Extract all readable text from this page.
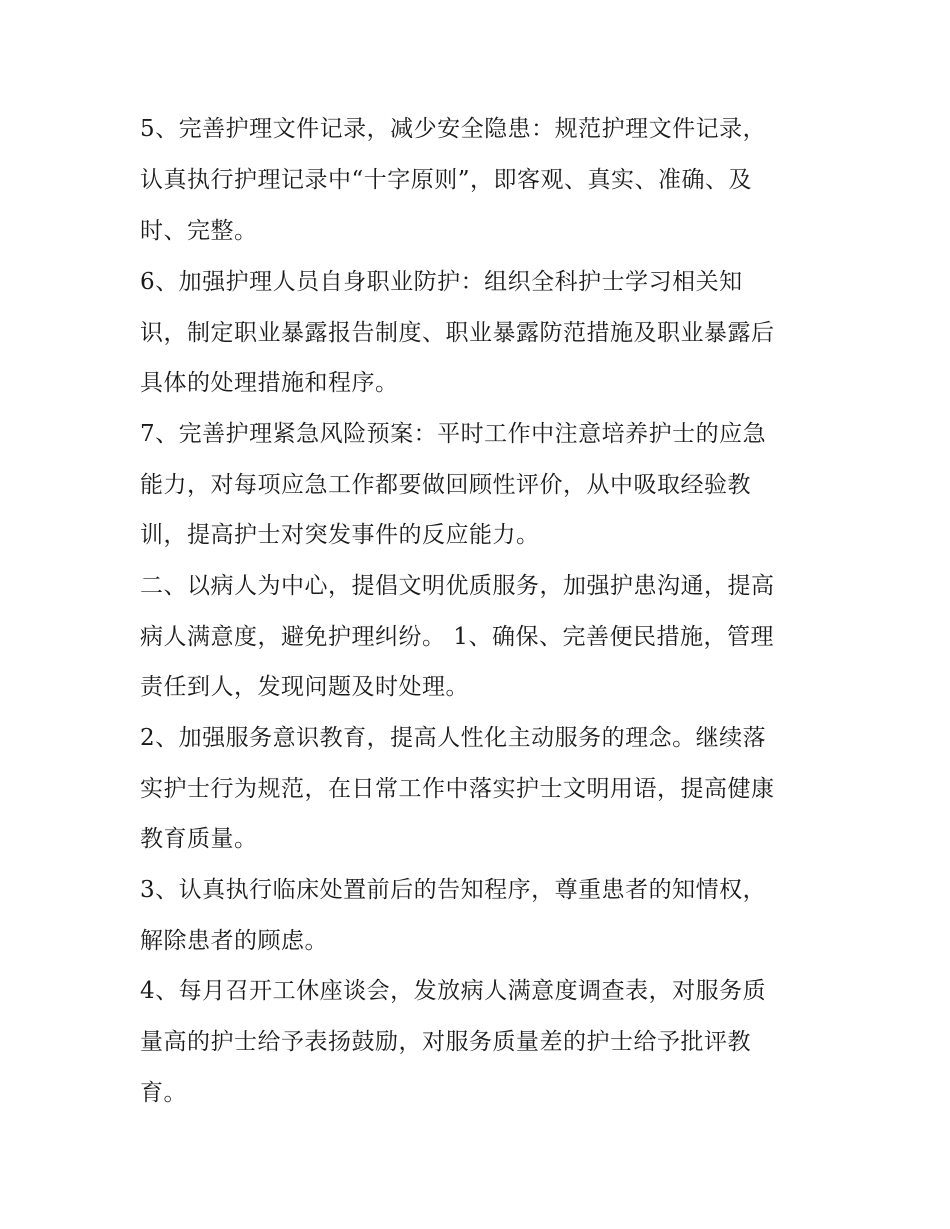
5、完善护理文件记录，减少安全隐患：规范护理文件记录，
认真执行护理记录中“十字原则”，即客观、真实、准确、及
时、完整。
6、加强护理人员自身职业防护：组织全科护士学习相关知
识，制定职业暴露报告制度、职业暴露防范措施及职业暴露后
具体的处理措施和程序。
7、完善护理紧急风险预案：平时工作中注意培养护士的应急
能力，对每项应急工作都要做回顾性评价，从中吸取经验教
训，提高护士对突发事件的反应能力。
二、以病人为中心，提倡文明优质服务，加强护患沟通，提高
病人满意度，避免护理纠纷。 1、确保、完善便民措施，管理
责任到人，发现问题及时处理。
2、加强服务意识教育，提高人性化主动服务的理念。继续落
实护士行为规范，在日常工作中落实护士文明用语，提高健康
教育质量。
3、认真执行临床处置前后的告知程序，尊重患者的知情权，
解除患者的顾虑。
4、每月召开工休座谈会，发放病人满意度调查表，对服务质
量高的护士给予表扬鼓励，对服务质量差的护士给予批评教
育。
